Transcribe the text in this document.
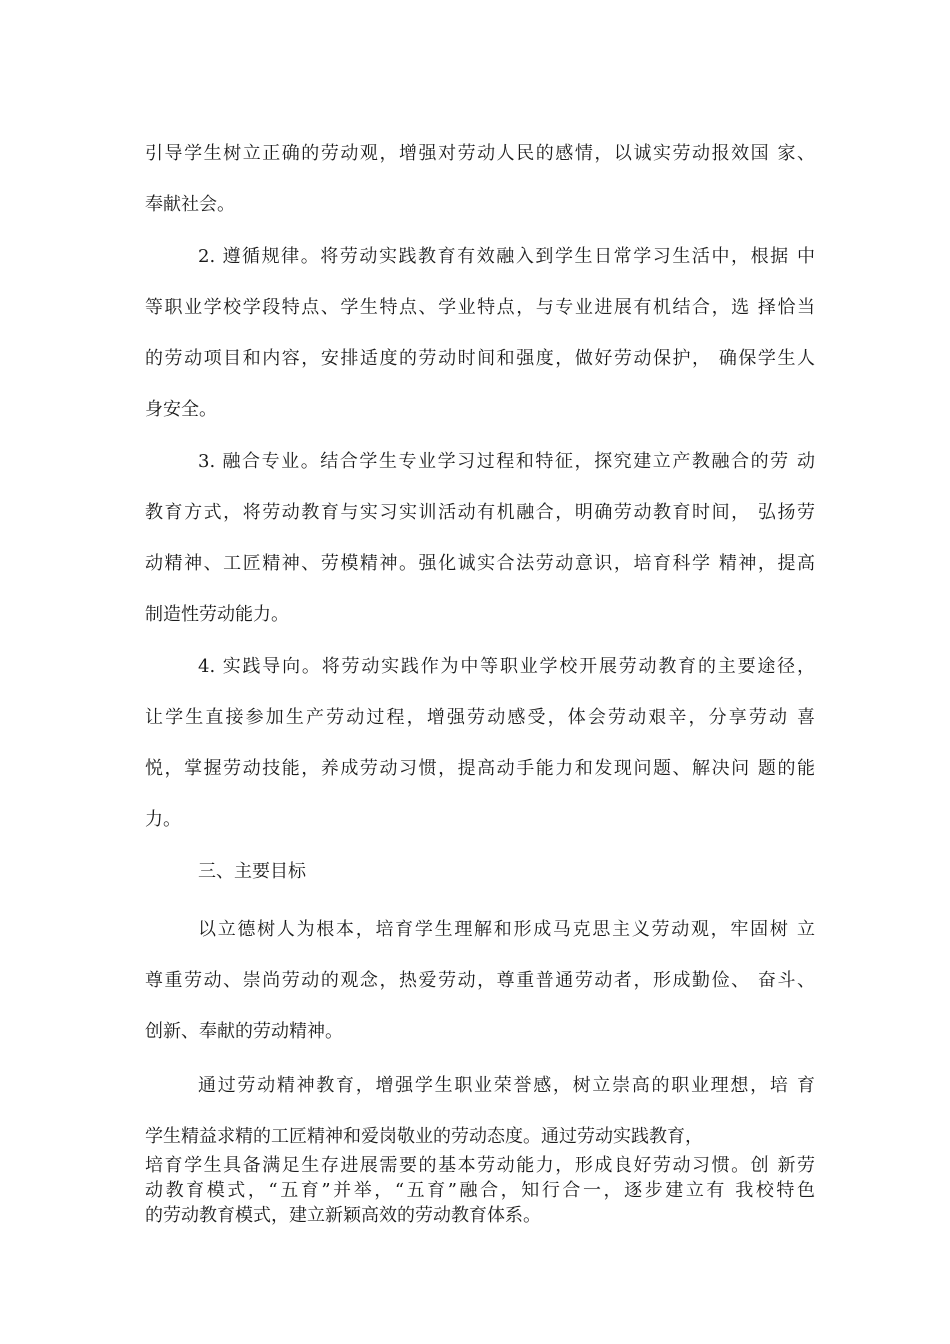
引导学生树立正确的劳动观，增强对劳动人民的感情，以诚实劳动报效国 家、
奉献社会。
2. 遵循规律。将劳动实践教育有效融入到学生日常学习生活中，根据 中
等职业学校学段特点、学生特点、学业特点，与专业进展有机结合，选 择恰当
的劳动项目和内容，安排适度的劳动时间和强度，做好劳动保护， 确保学生人
身安全。
3. 融合专业。结合学生专业学习过程和特征，探究建立产教融合的劳 动
教育方式，将劳动教育与实习实训活动有机融合，明确劳动教育时间， 弘扬劳
动精神、工匠精神、劳模精神。强化诚实合法劳动意识，培育科学 精神，提高
制造性劳动能力。
4. 实践导向。将劳动实践作为中等职业学校开展劳动教育的主要途径，
让学生直接参加生产劳动过程，增强劳动感受，体会劳动艰辛，分享劳动 喜
悦，掌握劳动技能，养成劳动习惯，提高动手能力和发现问题、解决问 题的能
力。
三、主要目标
以立德树人为根本，培育学生理解和形成马克思主义劳动观，牢固树 立
尊重劳动、崇尚劳动的观念，热爱劳动，尊重普通劳动者，形成勤俭、 奋斗、
创新、奉献的劳动精神。
通过劳动精神教育，增强学生职业荣誉感，树立崇高的职业理想，培 育
学生精益求精的工匠精神和爱岗敬业的劳动态度。通过劳动实践教育，
培育学生具备满足生存进展需要的基本劳动能力，形成良好劳动习惯。创 新劳
动教育模式，“五育”并举，“五育”融合，知行合一，逐步建立有 我校特色
的劳动教育模式，建立新颖高效的劳动教育体系。
